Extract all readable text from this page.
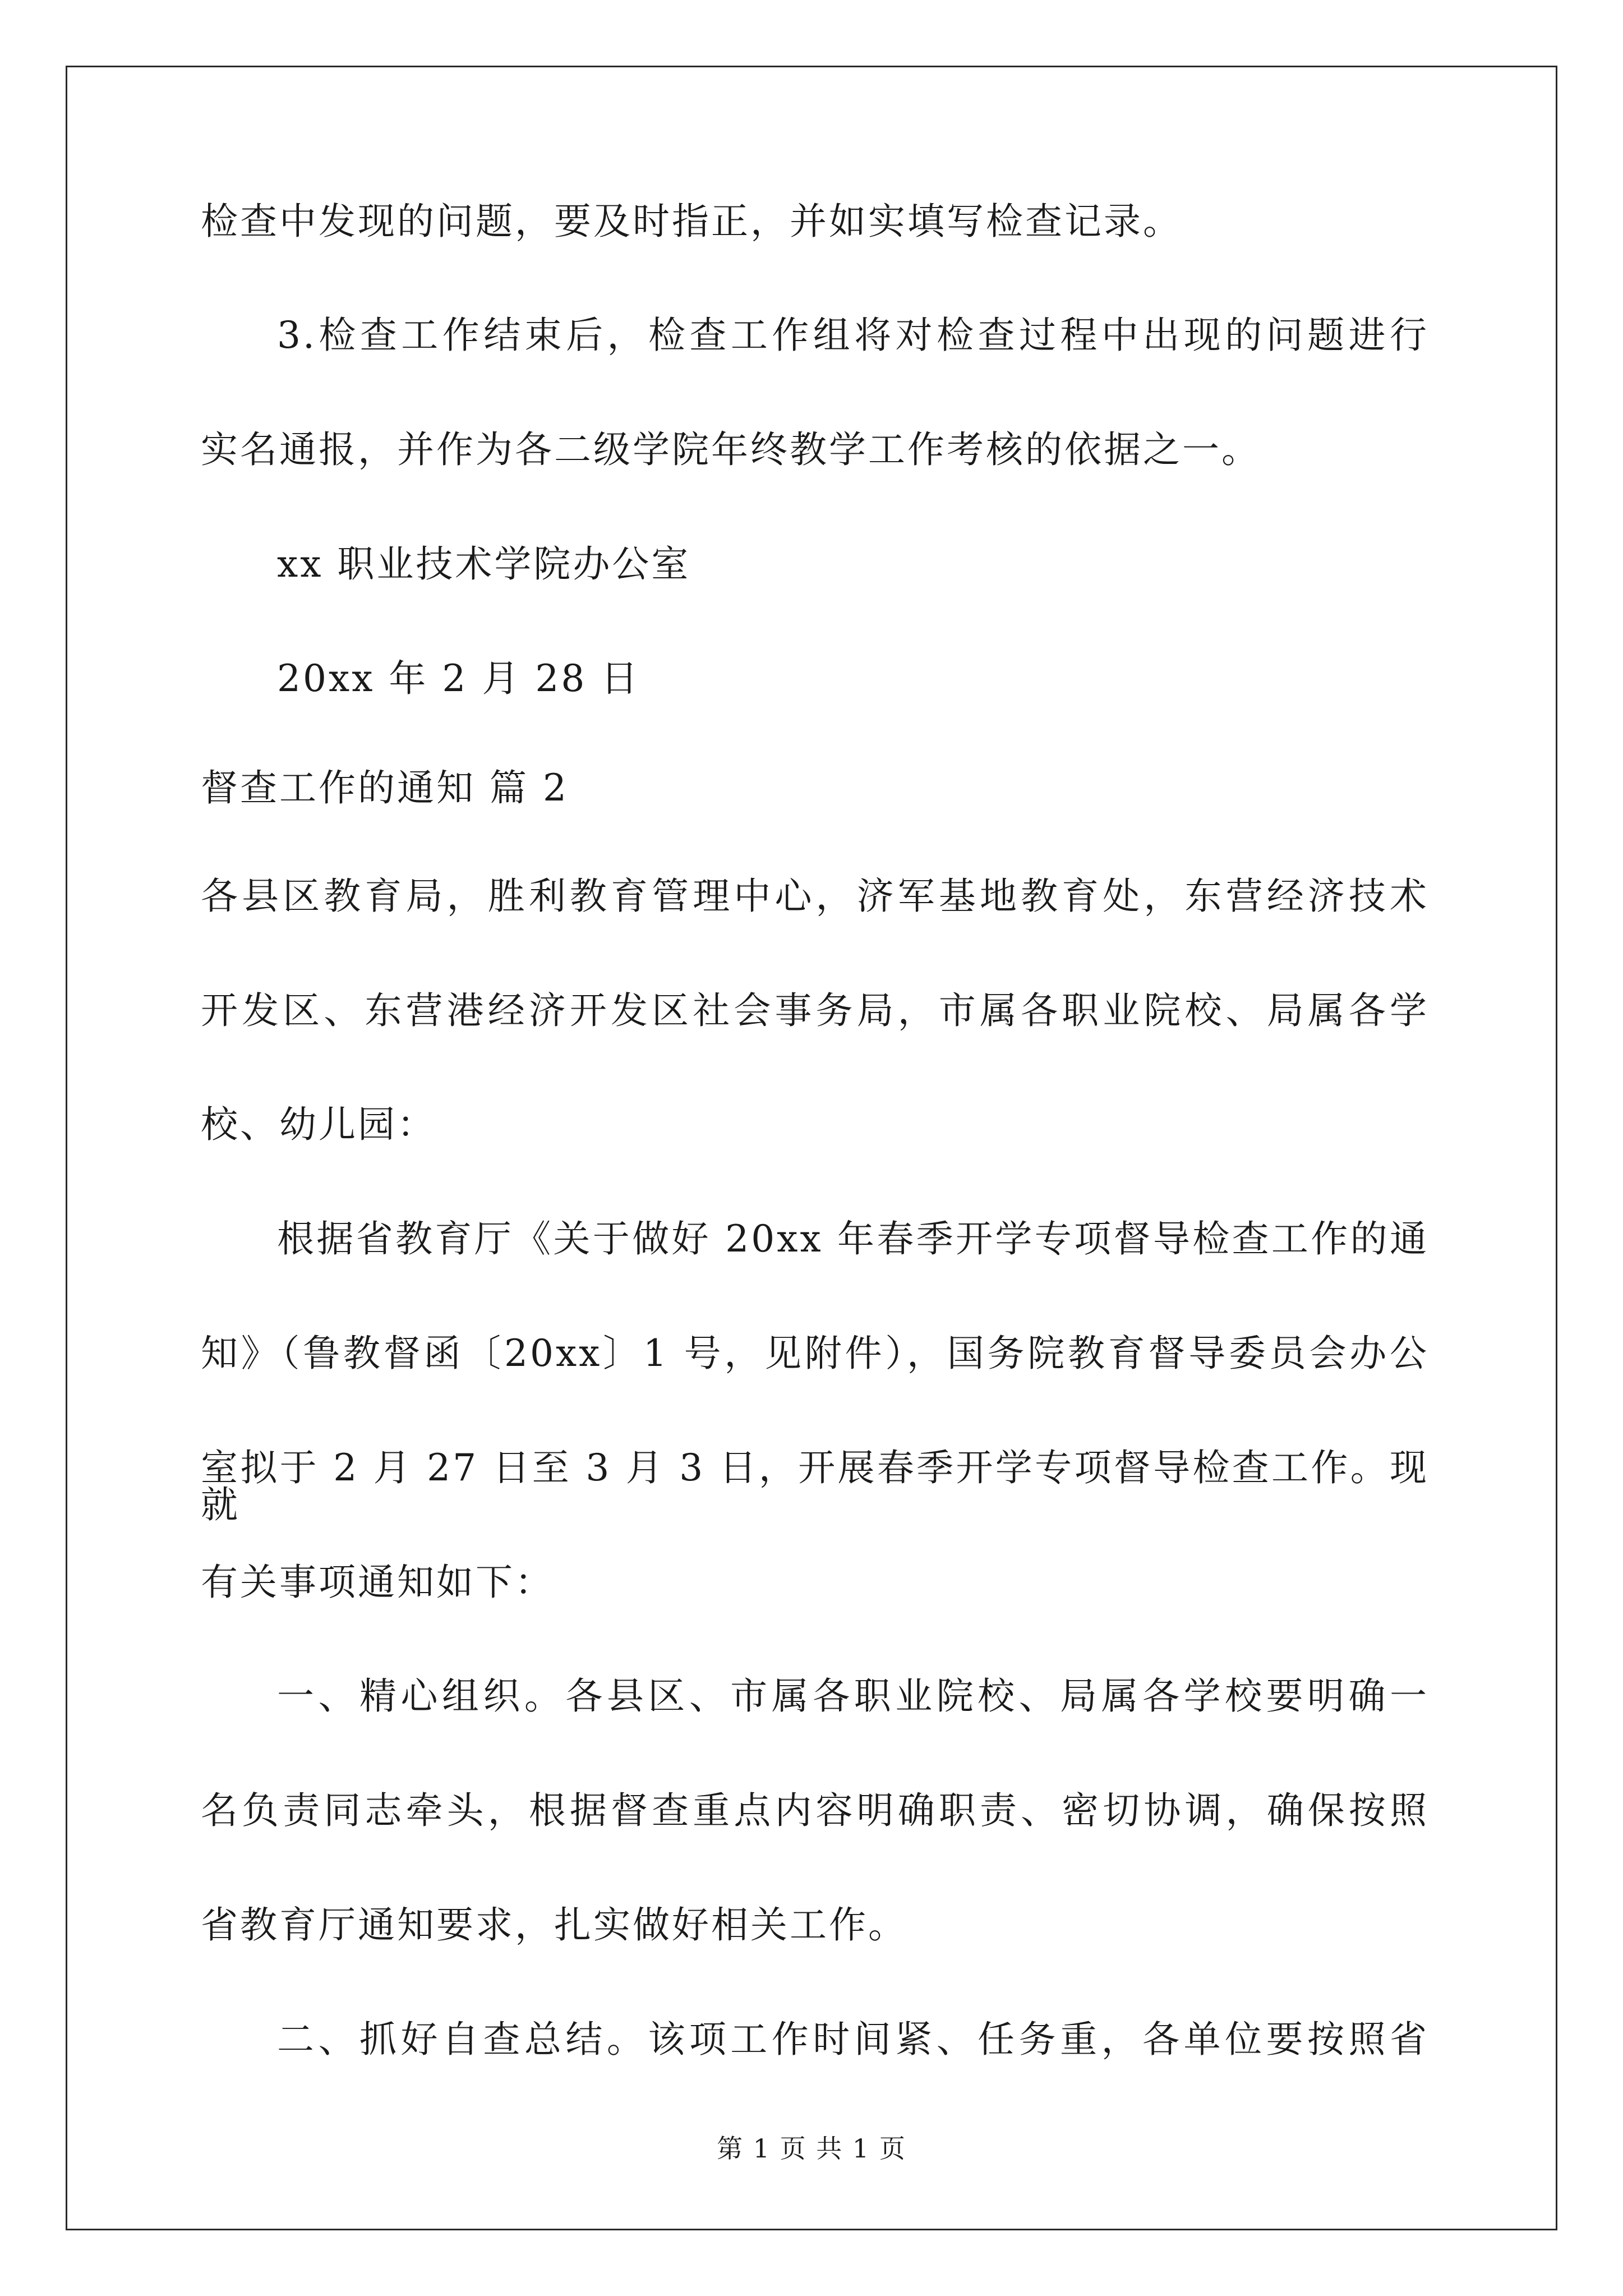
检查中发现的问题，要及时指正，并如实填写检查记录。
3.检查工作结束后，检查工作组将对检查过程中出现的问题进行
实名通报，并作为各二级学院年终教学工作考核的依据之一。
xx 职业技术学院办公室
20xx 年 2 月 28 日
督查工作的通知 篇 2
各县区教育局，胜利教育管理中心，济军基地教育处，东营经济技术
开发区、东营港经济开发区社会事务局，市属各职业院校、局属各学
校、幼儿园：
根据省教育厅《关于做好 20xx 年春季开学专项督导检查工作的通
知》（鲁教督函〔20xx〕1 号，见附件），国务院教育督导委员会办公
室拟于 2 月 27 日至 3 月 3 日，开展春季开学专项督导检查工作。现就
有关事项通知如下：
一、精心组织。各县区、市属各职业院校、局属各学校要明确一
名负责同志牵头，根据督查重点内容明确职责、密切协调，确保按照
省教育厅通知要求，扎实做好相关工作。
二、抓好自查总结。该项工作时间紧、任务重，各单位要按照省
第 1 页 共 1 页
